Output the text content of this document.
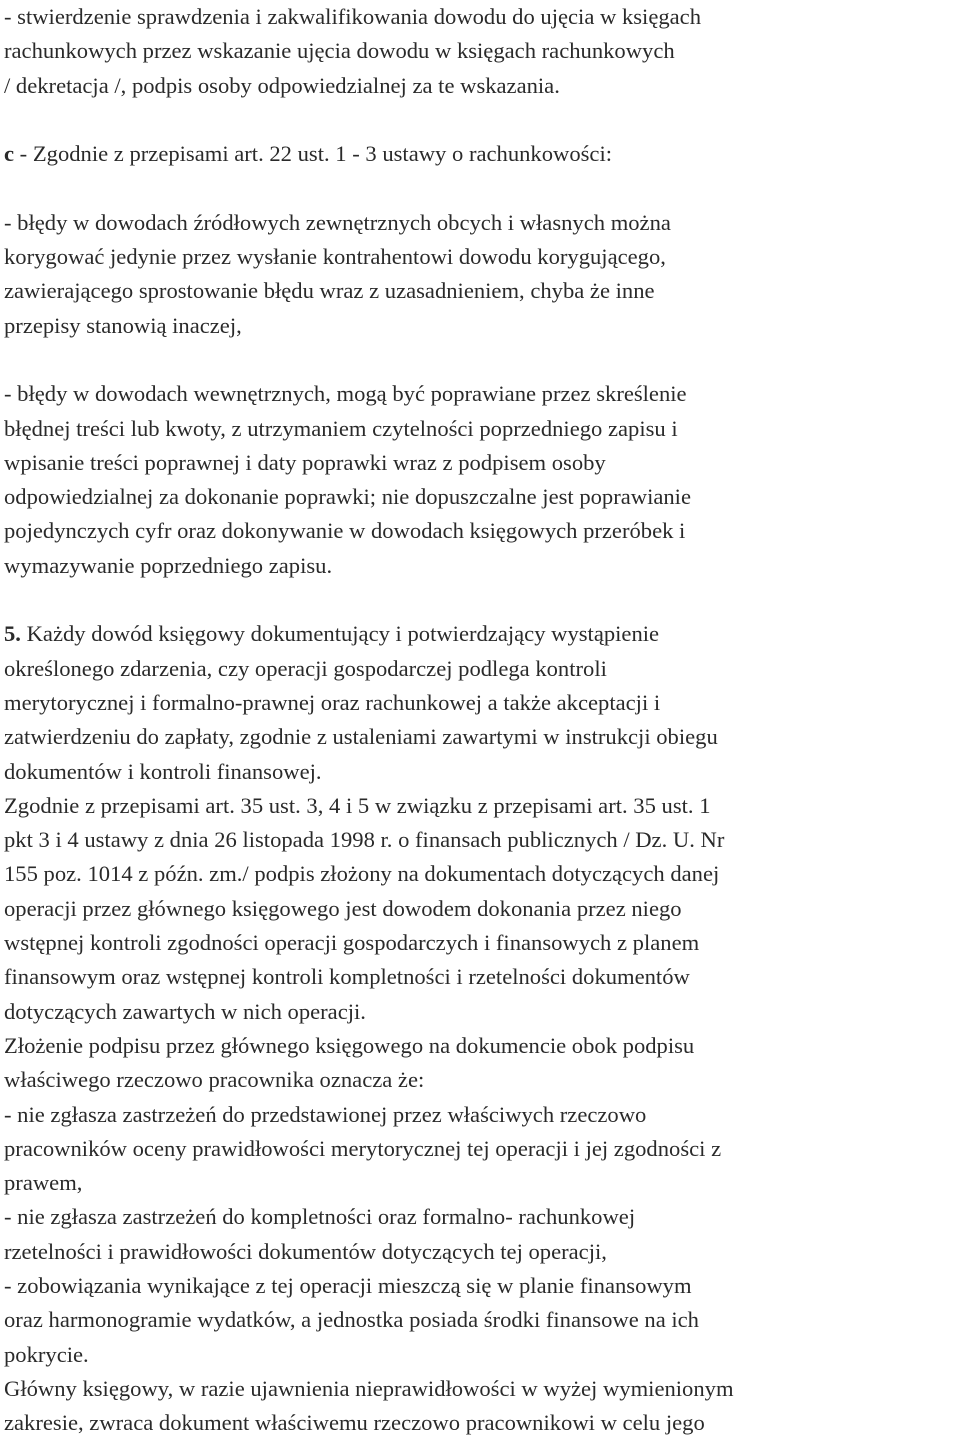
- stwierdzenie sprawdzenia i zakwalifikowania dowodu do ujęcia w księgach
rachunkowych przez wskazanie ujęcia dowodu w księgach rachunkowych
/ dekretacja /, podpis osoby odpowiedzialnej za te wskazania.
c - Zgodnie z przepisami art. 22 ust. 1 - 3 ustawy o rachunkowości:
- błędy w dowodach źródłowych zewnętrznych obcych i własnych można
korygować jedynie przez wysłanie kontrahentowi dowodu korygującego,
zawierającego sprostowanie błędu wraz z uzasadnieniem, chyba że inne
przepisy stanowią inaczej,
- błędy w dowodach wewnętrznych, mogą być poprawiane przez skreślenie
błędnej treści lub kwoty, z utrzymaniem czytelności poprzedniego zapisu i
wpisanie treści poprawnej i daty poprawki wraz z podpisem osoby
odpowiedzialnej za dokonanie poprawki; nie dopuszczalne jest poprawianie
pojedynczych cyfr oraz dokonywanie w dowodach księgowych przeróbek i
wymazywanie poprzedniego zapisu.
5. Każdy dowód księgowy dokumentujący i potwierdzający wystąpienie
określonego zdarzenia, czy operacji gospodarczej podlega kontroli
merytorycznej i formalno-prawnej oraz rachunkowej a także akceptacji i
zatwierdzeniu do zapłaty, zgodnie z ustaleniami zawartymi w instrukcji obiegu
dokumentów i kontroli finansowej.
Zgodnie z przepisami art. 35 ust. 3, 4 i 5 w związku z przepisami art. 35 ust. 1
pkt 3 i 4 ustawy z dnia 26 listopada 1998 r. o finansach publicznych / Dz. U. Nr
155 poz. 1014 z późn. zm./ podpis złożony na dokumentach dotyczących danej
operacji przez głównego księgowego jest dowodem dokonania przez niego
wstępnej kontroli zgodności operacji gospodarczych i finansowych z planem
finansowym oraz wstępnej kontroli kompletności i rzetelności dokumentów
dotyczących zawartych w nich operacji.
Złożenie podpisu przez głównego księgowego na dokumencie obok podpisu
właściwego rzeczowo pracownika oznacza że:
- nie zgłasza zastrzeżeń do przedstawionej przez właściwych rzeczowo
pracowników oceny prawidłowości merytorycznej tej operacji i jej zgodności z
prawem,
- nie zgłasza zastrzeżeń do kompletności oraz formalno- rachunkowej
rzetelności i prawidłowości dokumentów dotyczących tej operacji,
- zobowiązania wynikające z tej operacji mieszczą się w planie finansowym
oraz harmonogramie wydatków, a jednostka posiada środki finansowe na ich
pokrycie.
Główny księgowy, w razie ujawnienia nieprawidłowości w wyżej wymienionym
zakresie, zwraca dokument właściwemu rzeczowo pracownikowi w celu jego
